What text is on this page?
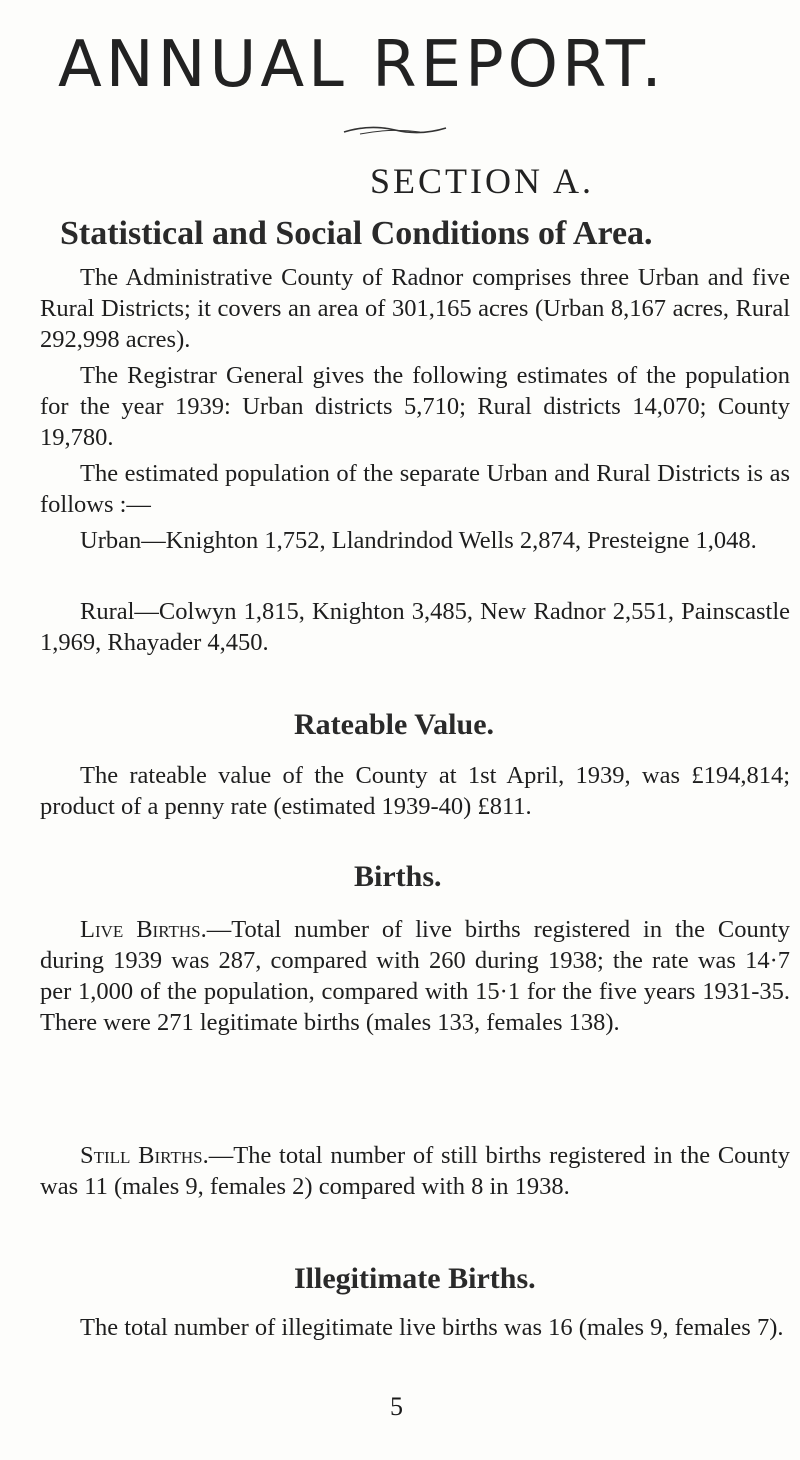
ANNUAL REPORT.
SECTION A.
Statistical and Social Conditions of Area.

The Administrative County of Radnor comprises three Urban and five Rural Districts; it covers an area of 301,165 acres (Urban 8,167 acres, Rural 292,998 acres).

The Registrar General gives the following estimates of the population for the year 1939: Urban districts 5,710; Rural districts 14,070; County 19,780.

The estimated population of the separate Urban and Rural Districts is as follows :—

Urban—Knighton 1,752, Llandrindod Wells 2,874, Presteigne 1,048.

Rural—Colwyn 1,815, Knighton 3,485, New Radnor 2,551, Painscastle 1,969, Rhayader 4,450.

Rateable Value.

The rateable value of the County at 1st April, 1939, was £194,814; product of a penny rate (estimated 1939-40) £811.

Births.

Live Births.—Total number of live births registered in the County during 1939 was 287, compared with 260 during 1938; the rate was 14·7 per 1,000 of the population, compared with 15·1 for the five years 1931-35. There were 271 legitimate births (males 133, females 138).

Still Births.—The total number of still births registered in the County was 11 (males 9, females 2) compared with 8 in 1938.

Illegitimate Births.

The total number of illegitimate live births was 16 (males 9, females 7).

5
